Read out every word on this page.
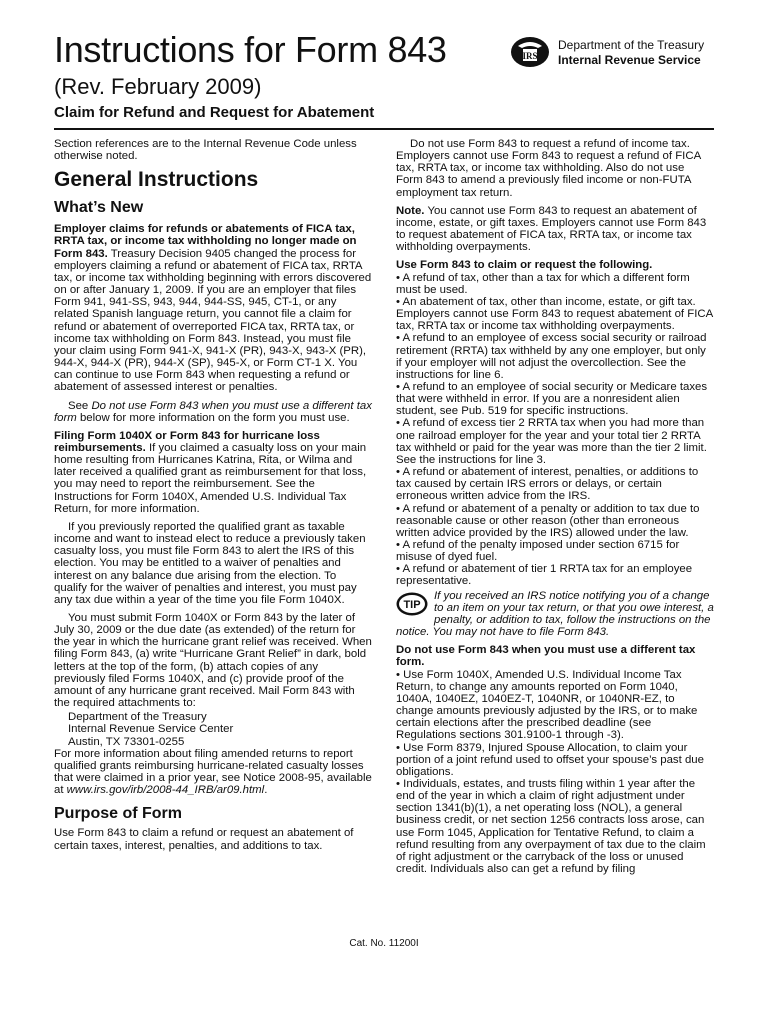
Instructions for Form 843
(Rev. February 2009)
Claim for Refund and Request for Abatement
IRS
Department of the Treasury
Internal Revenue Service

Section references are to the Internal Revenue Code unless otherwise noted.

General Instructions
What’s New

Employer claims for refunds or abatements of FICA tax, RRTA tax, or income tax withholding no longer made on Form 843. Treasury Decision 9405 changed the process for employers claiming a refund or abatement of FICA tax, RRTA tax, or income tax withholding beginning with errors discovered on or after January 1, 2009. If you are an employer that files Form 941, 941-SS, 943, 944, 944-SS, 945, CT-1, or any related Spanish language return, you cannot file a claim for refund or abatement of overreported FICA tax, RRTA tax, or income tax withholding on Form 843. Instead, you must file your claim using Form 941-X, 941-X (PR), 943-X, 943-X (PR), 944-X, 944-X (PR), 944-X (SP), 945-X, or Form CT-1 X. You can continue to use Form 843 when requesting a refund or abatement of assessed interest or penalties.

See Do not use Form 843 when you must use a different tax form below for more information on the form you must use.

Filing Form 1040X or Form 843 for hurricane loss reimbursements. If you claimed a casualty loss on your main home resulting from Hurricanes Katrina, Rita, or Wilma and later received a qualified grant as reimbursement for that loss, you may need to report the reimbursement. See the Instructions for Form 1040X, Amended U.S. Individual Tax Return, for more information.

If you previously reported the qualified grant as taxable income and want to instead elect to reduce a previously taken casualty loss, you must file Form 843 to alert the IRS of this election. You may be entitled to a waiver of penalties and interest on any balance due arising from the election. To qualify for the waiver of penalties and interest, you must pay any tax due within a year of the time you file Form 1040X.

You must submit Form 1040X or Form 843 by the later of July 30, 2009 or the due date (as extended) of the return for the year in which the hurricane grant relief was received. When filing Form 843, (a) write “Hurricane Grant Relief” in dark, bold letters at the top of the form, (b) attach copies of any previously filed Forms 1040X, and (c) provide proof of the amount of any hurricane grant received. Mail Form 843 with the required attachments to:

Department of the Treasury
Internal Revenue Service Center
Austin, TX 73301-0255

For more information about filing amended returns to report qualified grants reimbursing hurricane-related casualty losses that were claimed in a prior year, see Notice 2008-95, available at www.irs.gov/irb/2008-44_IRB/ar09.html.

Purpose of Form

Use Form 843 to claim a refund or request an abatement of certain taxes, interest, penalties, and additions to tax.

Do not use Form 843 to request a refund of income tax. Employers cannot use Form 843 to request a refund of FICA tax, RRTA tax, or income tax withholding. Also do not use Form 843 to amend a previously filed income or non-FUTA employment tax return.

Note. You cannot use Form 843 to request an abatement of income, estate, or gift taxes. Employers cannot use Form 843 to request abatement of FICA tax, RRTA tax, or income tax withholding overpayments.

Use Form 843 to claim or request the following.

• A refund of tax, other than a tax for which a different form must be used.
• An abatement of tax, other than income, estate, or gift tax. Employers cannot use Form 843 to request abatement of FICA tax, RRTA tax or income tax withholding overpayments.
• A refund to an employee of excess social security or railroad retirement (RRTA) tax withheld by any one employer, but only if your employer will not adjust the overcollection. See the instructions for line 6.
• A refund to an employee of social security or Medicare taxes that were withheld in error. If you are a nonresident alien student, see Pub. 519 for specific instructions.
• A refund of excess tier 2 RRTA tax when you had more than one railroad employer for the year and your total tier 2 RRTA tax withheld or paid for the year was more than the tier 2 limit. See the instructions for line 3.
• A refund or abatement of interest, penalties, or additions to tax caused by certain IRS errors or delays, or certain erroneous written advice from the IRS.
• A refund or abatement of a penalty or addition to tax due to reasonable cause or other reason (other than erroneous written advice provided by the IRS) allowed under the law.
• A refund of the penalty imposed under section 6715 for misuse of dyed fuel.
• A refund or abatement of tier 1 RRTA tax for an employee representative.
TIP
If you received an IRS notice notifying you of a change to an item on your tax return, or that you owe interest, a penalty, or addition to tax, follow the instructions on the notice. You may not have to file Form 843.

Do not use Form 843 when you must use a different tax form.

• Use Form 1040X, Amended U.S. Individual Income Tax Return, to change any amounts reported on Form 1040, 1040A, 1040EZ, 1040EZ-T, 1040NR, or 1040NR-EZ, to change amounts previously adjusted by the IRS, or to make certain elections after the prescribed deadline (see Regulations sections 301.9100-1 through -3).
• Use Form 8379, Injured Spouse Allocation, to claim your portion of a joint refund used to offset your spouse’s past due obligations.
• Individuals, estates, and trusts filing within 1 year after the end of the year in which a claim of right adjustment under section 1341(b)(1), a net operating loss (NOL), a general business credit, or net section 1256 contracts loss arose, can use Form 1045, Application for Tentative Refund, to claim a refund resulting from any overpayment of tax due to the claim of right adjustment or the carryback of the loss or unused credit. Individuals also can get a refund by filing
Cat. No. 11200I
